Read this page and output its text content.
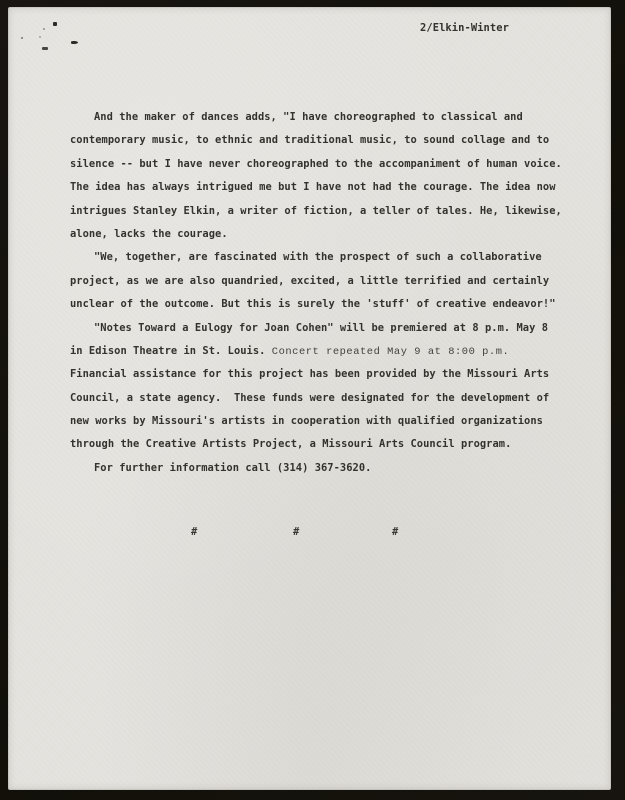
2/Elkin-Winter
And the maker of dances adds, "I have choreographed to classical and
contemporary music, to ethnic and traditional music, to sound collage and to
silence -- but I have never choreographed to the accompaniment of human voice.
The idea has always intrigued me but I have not had the courage. The idea now
intrigues Stanley Elkin, a writer of fiction, a teller of tales. He, likewise,
alone, lacks the courage.
"We, together, are fascinated with the prospect of such a collaborative
project, as we are also quandried, excited, a little terrified and certainly
unclear of the outcome. But this is surely the 'stuff' of creative endeavor!"
"Notes Toward a Eulogy for Joan Cohen" will be premiered at 8 p.m. May 8
in Edison Theatre in St. Louis. Concert repeated May 9 at 8:00 p.m.
Financial assistance for this project has been provided by the Missouri Arts
Council, a state agency.  These funds were designated for the development of
new works by Missouri's artists in cooperation with qualified organizations
through the Creative Artists Project, a Missouri Arts Council program.
For further information call (314) 367-3620.
#	#	#
